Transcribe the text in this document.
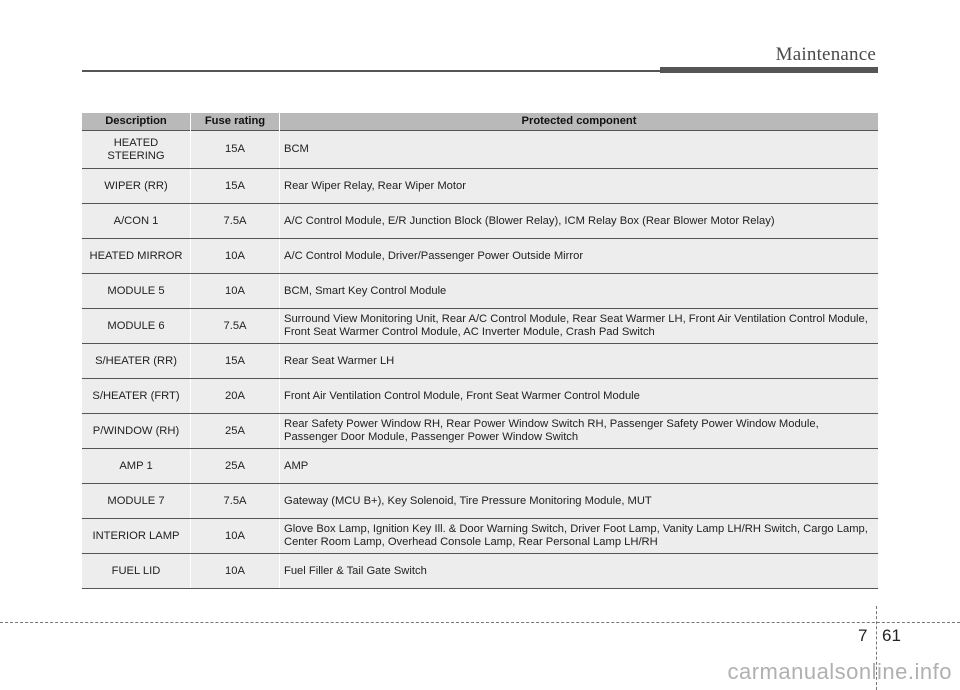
Maintenance
Description	Fuse rating	Protected component
HEATED
STEERING	15A	BCM
WIPER (RR)	15A	Rear Wiper Relay, Rear Wiper Motor
A/CON 1	7.5A	A/C Control Module, E/R Junction Block (Blower Relay), ICM Relay Box (Rear Blower Motor Relay)
HEATED MIRROR	10A	A/C Control Module, Driver/Passenger Power Outside Mirror
MODULE 5	10A	BCM, Smart Key Control Module
MODULE 6	7.5A	Surround View Monitoring Unit, Rear A/C Control Module, Rear Seat Warmer LH, Front Air Ventilation Control Module, Front Seat Warmer Control Module, AC Inverter Module, Crash Pad Switch
S/HEATER (RR)	15A	Rear Seat Warmer LH
S/HEATER (FRT)	20A	Front Air Ventilation Control Module, Front Seat Warmer Control Module
P/WINDOW (RH)	25A	Rear Safety Power Window RH, Rear Power Window Switch RH, Passenger Safety Power Window Module, Passenger Door Module, Passenger Power Window Switch
AMP 1	25A	AMP
MODULE 7	7.5A	Gateway (MCU B+), Key Solenoid, Tire Pressure Monitoring Module, MUT
INTERIOR LAMP	10A	Glove Box Lamp, Ignition Key Ill. & Door Warning Switch, Driver Foot Lamp, Vanity Lamp LH/RH Switch, Cargo Lamp, Center Room Lamp, Overhead Console Lamp, Rear Personal Lamp LH/RH
FUEL LID	10A	Fuel Filler & Tail Gate Switch
7 61
carmanualsonline.info
